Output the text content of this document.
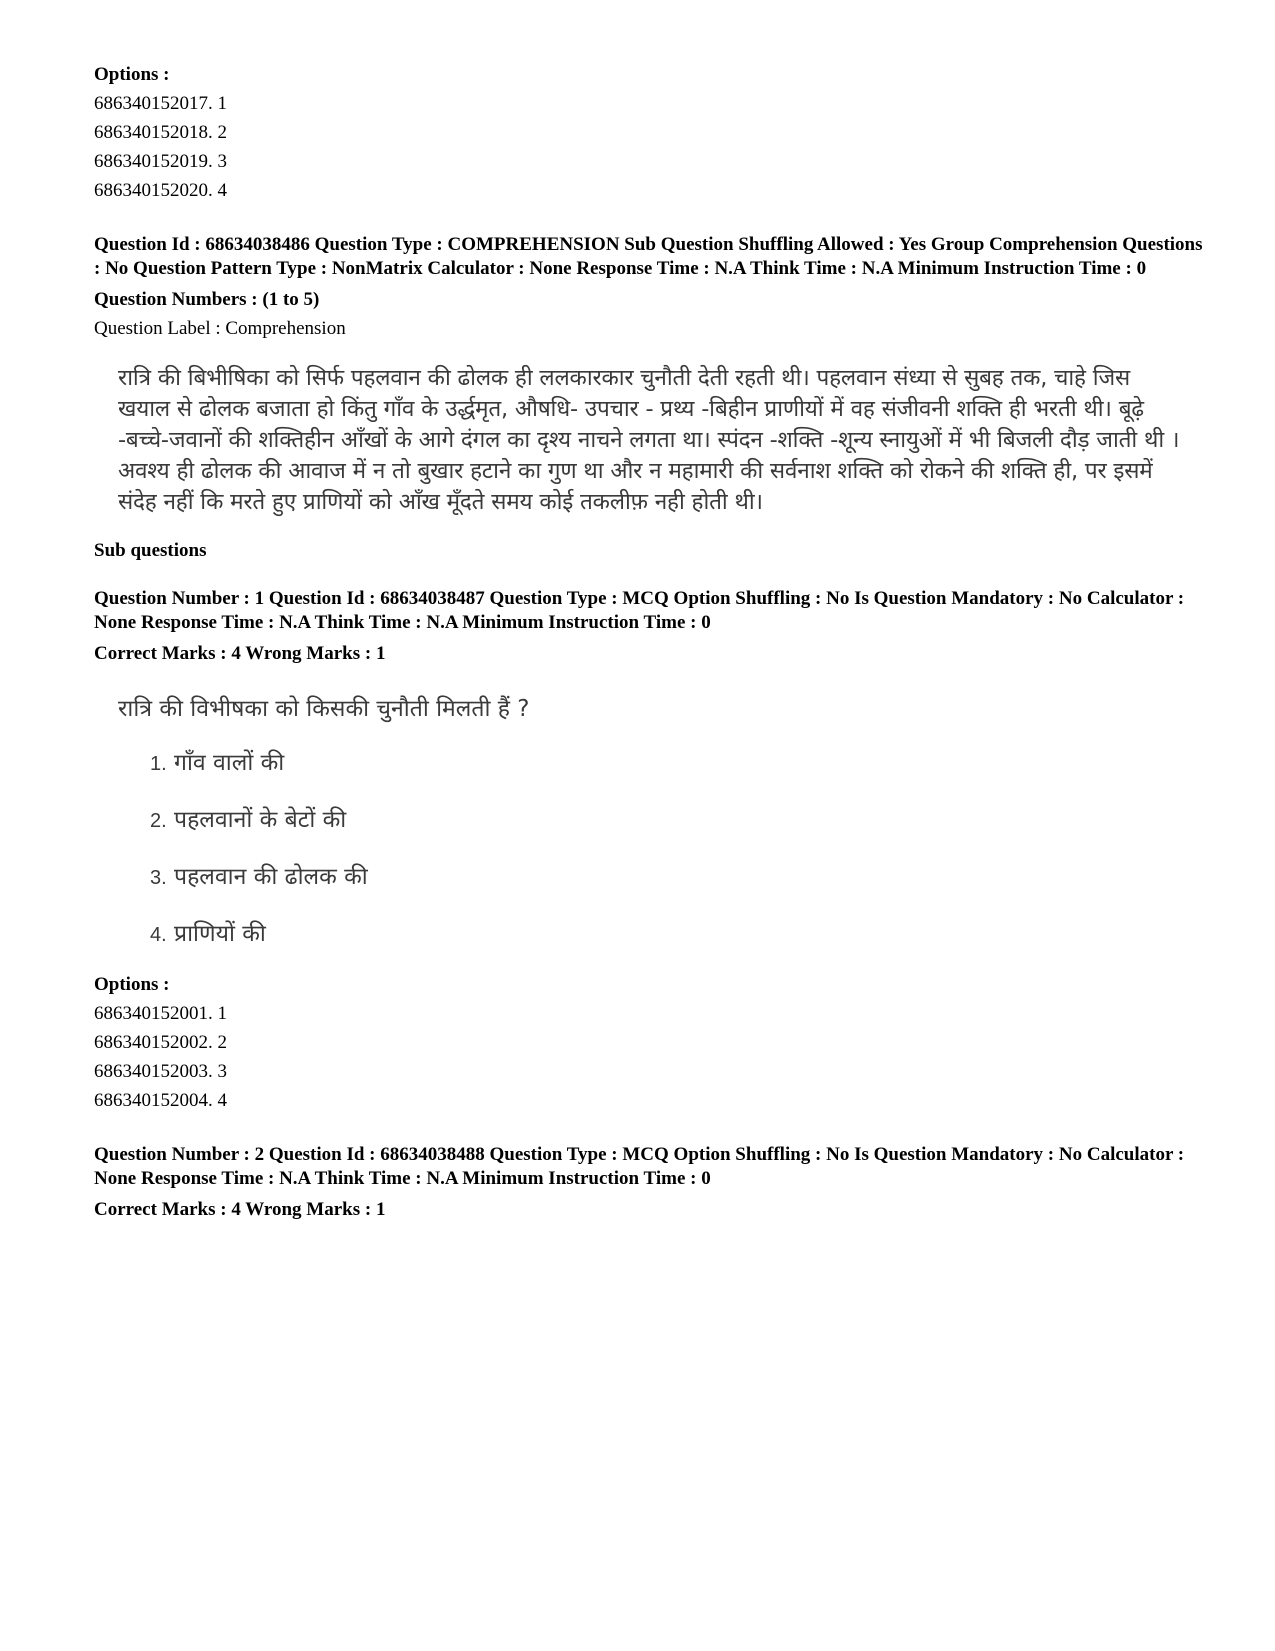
Options :

686340152017. 1

686340152018. 2

686340152019. 3

686340152020. 4

Question Id : 68634038486 Question Type : COMPREHENSION Sub Question Shuffling Allowed : Yes Group Comprehension Questions : No Question Pattern Type : NonMatrix Calculator : None Response Time : N.A Think Time : N.A Minimum Instruction Time : 0

Question Numbers : (1 to 5)

Question Label : Comprehension

रात्रि की बिभीषिका को सिर्फ पहलवान की ढोलक ही ललकारकार चुनौती देती रहती थी। पहलवान संध्या से सुबह तक, चाहे जिस खयाल से ढोलक बजाता हो किंतु गाँव के उर्द्धमृत, औषधि- उपचार - प्रथ्य -बिहीन प्राणीयों में वह संजीवनी शक्ति ही भरती थी। बूढ़े -बच्चे-जवानों की शक्तिहीन आँखों के आगे दंगल का दृश्य नाचने लगता था। स्पंदन -शक्ति -शून्य स्नायुओं में भी बिजली दौड़ जाती थी । अवश्य ही ढोलक की आवाज में न तो बुखार हटाने का गुण था और न महामारी की सर्वनाश शक्ति को रोकने की शक्ति ही, पर इसमें संदेह नहीं कि मरते हुए प्राणियों को आँख मूँदते समय कोई तकलीफ़ नही होती थी।

Sub questions

Question Number : 1 Question Id : 68634038487 Question Type : MCQ Option Shuffling : No Is Question Mandatory : No Calculator : None Response Time : N.A Think Time : N.A Minimum Instruction Time : 0

Correct Marks : 4 Wrong Marks : 1

रात्रि की विभीषका को किसकी चुनौती मिलती हैं ?

1. गाँव वालों की

2. पहलवानों के बेटों की

3. पहलवान की ढोलक की

4. प्राणियों की

Options :

686340152001. 1

686340152002. 2

686340152003. 3

686340152004. 4

Question Number : 2 Question Id : 68634038488 Question Type : MCQ Option Shuffling : No Is Question Mandatory : No Calculator : None Response Time : N.A Think Time : N.A Minimum Instruction Time : 0

Correct Marks : 4 Wrong Marks : 1
